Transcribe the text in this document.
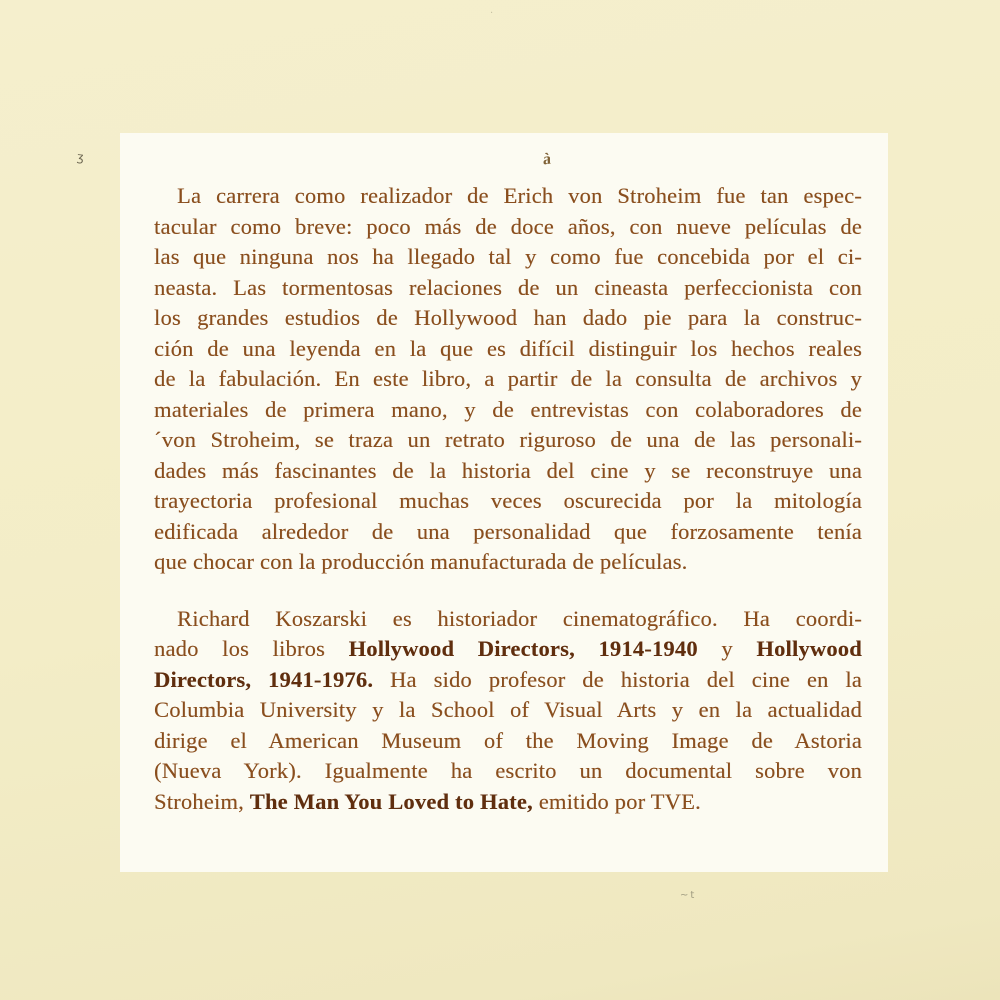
·
ʒ
~t
à
La carrera como realizador de Erich von Stroheim fue tan espec-
tacular como breve: poco más de doce años, con nueve películas de
las que ninguna nos ha llegado tal y como fue concebida por el ci-
neasta. Las tormentosas relaciones de un cineasta perfeccionista con
los grandes estudios de Hollywood han dado pie para la construc-
ción de una leyenda en la que es difícil distinguir los hechos reales
de la fabulación. En este libro, a partir de la consulta de archivos y
materiales de primera mano, y de entrevistas con colaboradores de
´von Stroheim, se traza un retrato riguroso de una de las personali-
dades más fascinantes de la historia del cine y se reconstruye una
trayectoria profesional muchas veces oscurecida por la mitología
edificada alrededor de una personalidad que forzosamente tenía
que chocar con la producción manufacturada de películas.
Richard Koszarski es historiador cinematográfico. Ha coordi-
nado los libros Hollywood Directors, 1914-1940 y Hollywood
Directors, 1941-1976. Ha sido profesor de historia del cine en la
Columbia University y la School of Visual Arts y en la actualidad
dirige el American Museum of the Moving Image de Astoria
(Nueva York). Igualmente ha escrito un documental sobre von
Stroheim, The Man You Loved to Hate, emitido por TVE.
